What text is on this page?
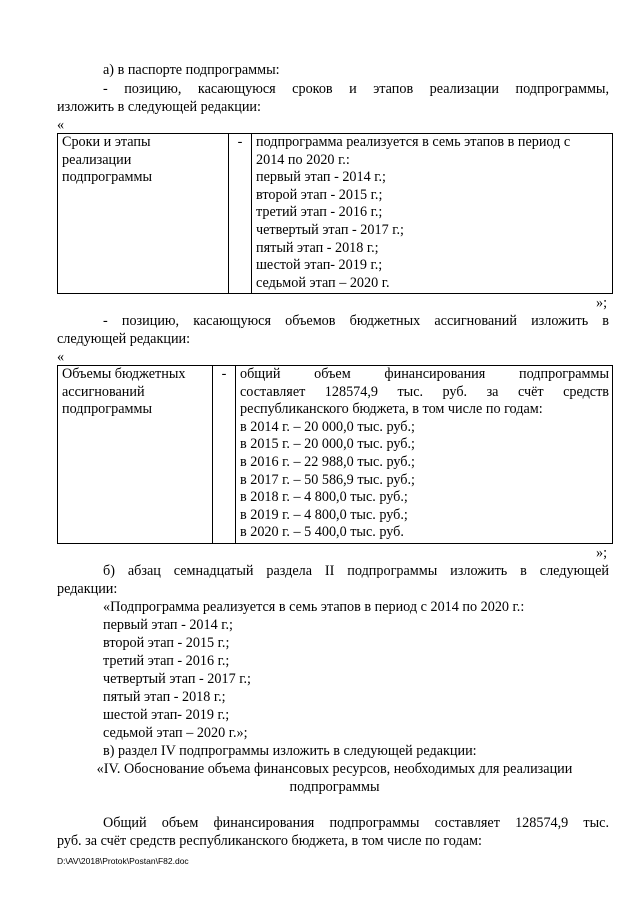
а) в паспорте подпрограммы:
- позицию, касающуюся сроков и этапов реализации подпрограммы,
изложить в следующей редакции:
«
Сроки и этапы
реализации
подпрограммы
	-	подпрограмма реализуется в семь этапов в период с
2014 по 2020 г.:
первый этап - 2014 г.;
второй этап - 2015 г.;
третий этап - 2016 г.;
четвертый этап - 2017 г.;
пятый этап - 2018 г.;
шестой этап- 2019 г.;
седьмой этап – 2020 г.
»;
- позицию, касающуюся объемов бюджетных ассигнований изложить в
следующей редакции:
«
Объемы бюджетных
ассигнований
подпрограммы
	-	общий объем финансирования подпрограммы
составляет 128574,9 тыс. руб. за счёт средств
республиканского бюджета, в том числе по годам:
в 2014 г. – 20 000,0 тыс. руб.;
в 2015 г. – 20 000,0 тыс. руб.;
в 2016 г. – 22 988,0 тыс. руб.;
в 2017 г. – 50 586,9 тыс. руб.;
в 2018 г. – 4 800,0 тыс. руб.;
в 2019 г. – 4 800,0 тыс. руб.;
в 2020 г. – 5 400,0 тыс. руб.
»;
б) абзац семнадцатый раздела II подпрограммы изложить в следующей
редакции:
«Подпрограмма реализуется в семь этапов в период с 2014 по 2020 г.:
первый этап - 2014 г.;
второй этап - 2015 г.;
третий этап - 2016 г.;
четвертый этап - 2017 г.;
пятый этап - 2018 г.;
шестой этап- 2019 г.;
седьмой этап – 2020 г.»;
в) раздел IV подпрограммы изложить в следующей редакции:
«IV. Обоснование объема финансовых ресурсов, необходимых для реализации
подпрограммы
Общий объем финансирования подпрограммы составляет 128574,9 тыс.
руб. за счёт средств республиканского бюджета, в том числе по годам:
D:\AV\2018\Protok\Postan\F82.doc
